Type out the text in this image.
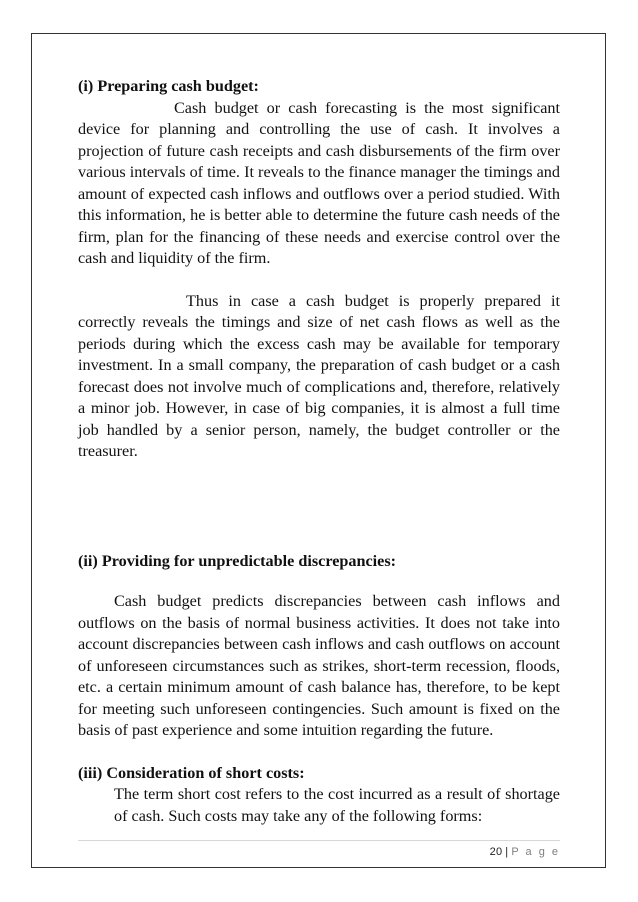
(i) Preparing cash budget:

Cash budget or cash forecasting is the most significant device for planning and controlling the use of cash. It involves a projection of future cash receipts and cash disbursements of the firm over various intervals of time. It reveals to the finance manager the timings and amount of expected cash inflows and outflows over a period studied. With this information, he is better able to determine the future cash needs of the firm, plan for the financing of these needs and exercise control over the cash and liquidity of the firm.

Thus in case a cash budget is properly prepared it correctly reveals the timings and size of net cash flows as well as the periods during which the excess cash may be available for temporary investment. In a small company, the preparation of cash budget or a cash forecast does not involve much of complications and, therefore, relatively a minor job. However, in case of big companies, it is almost a full time job handled by a senior person, namely, the budget controller or the treasurer.

(ii) Providing for unpredictable discrepancies:

Cash budget predicts discrepancies between cash inflows and outflows on the basis of normal business activities. It does not take into account discrepancies between cash inflows and cash outflows on account of unforeseen circumstances such as strikes, short-term recession, floods, etc. a certain minimum amount of cash balance has, therefore, to be kept for meeting such unforeseen contingencies. Such amount is fixed on the basis of past experience and some intuition regarding the future.

(iii) Consideration of short costs:

The term short cost refers to the cost incurred as a result of shortage of cash. Such costs may take any of the following forms:

20 | P a g e
